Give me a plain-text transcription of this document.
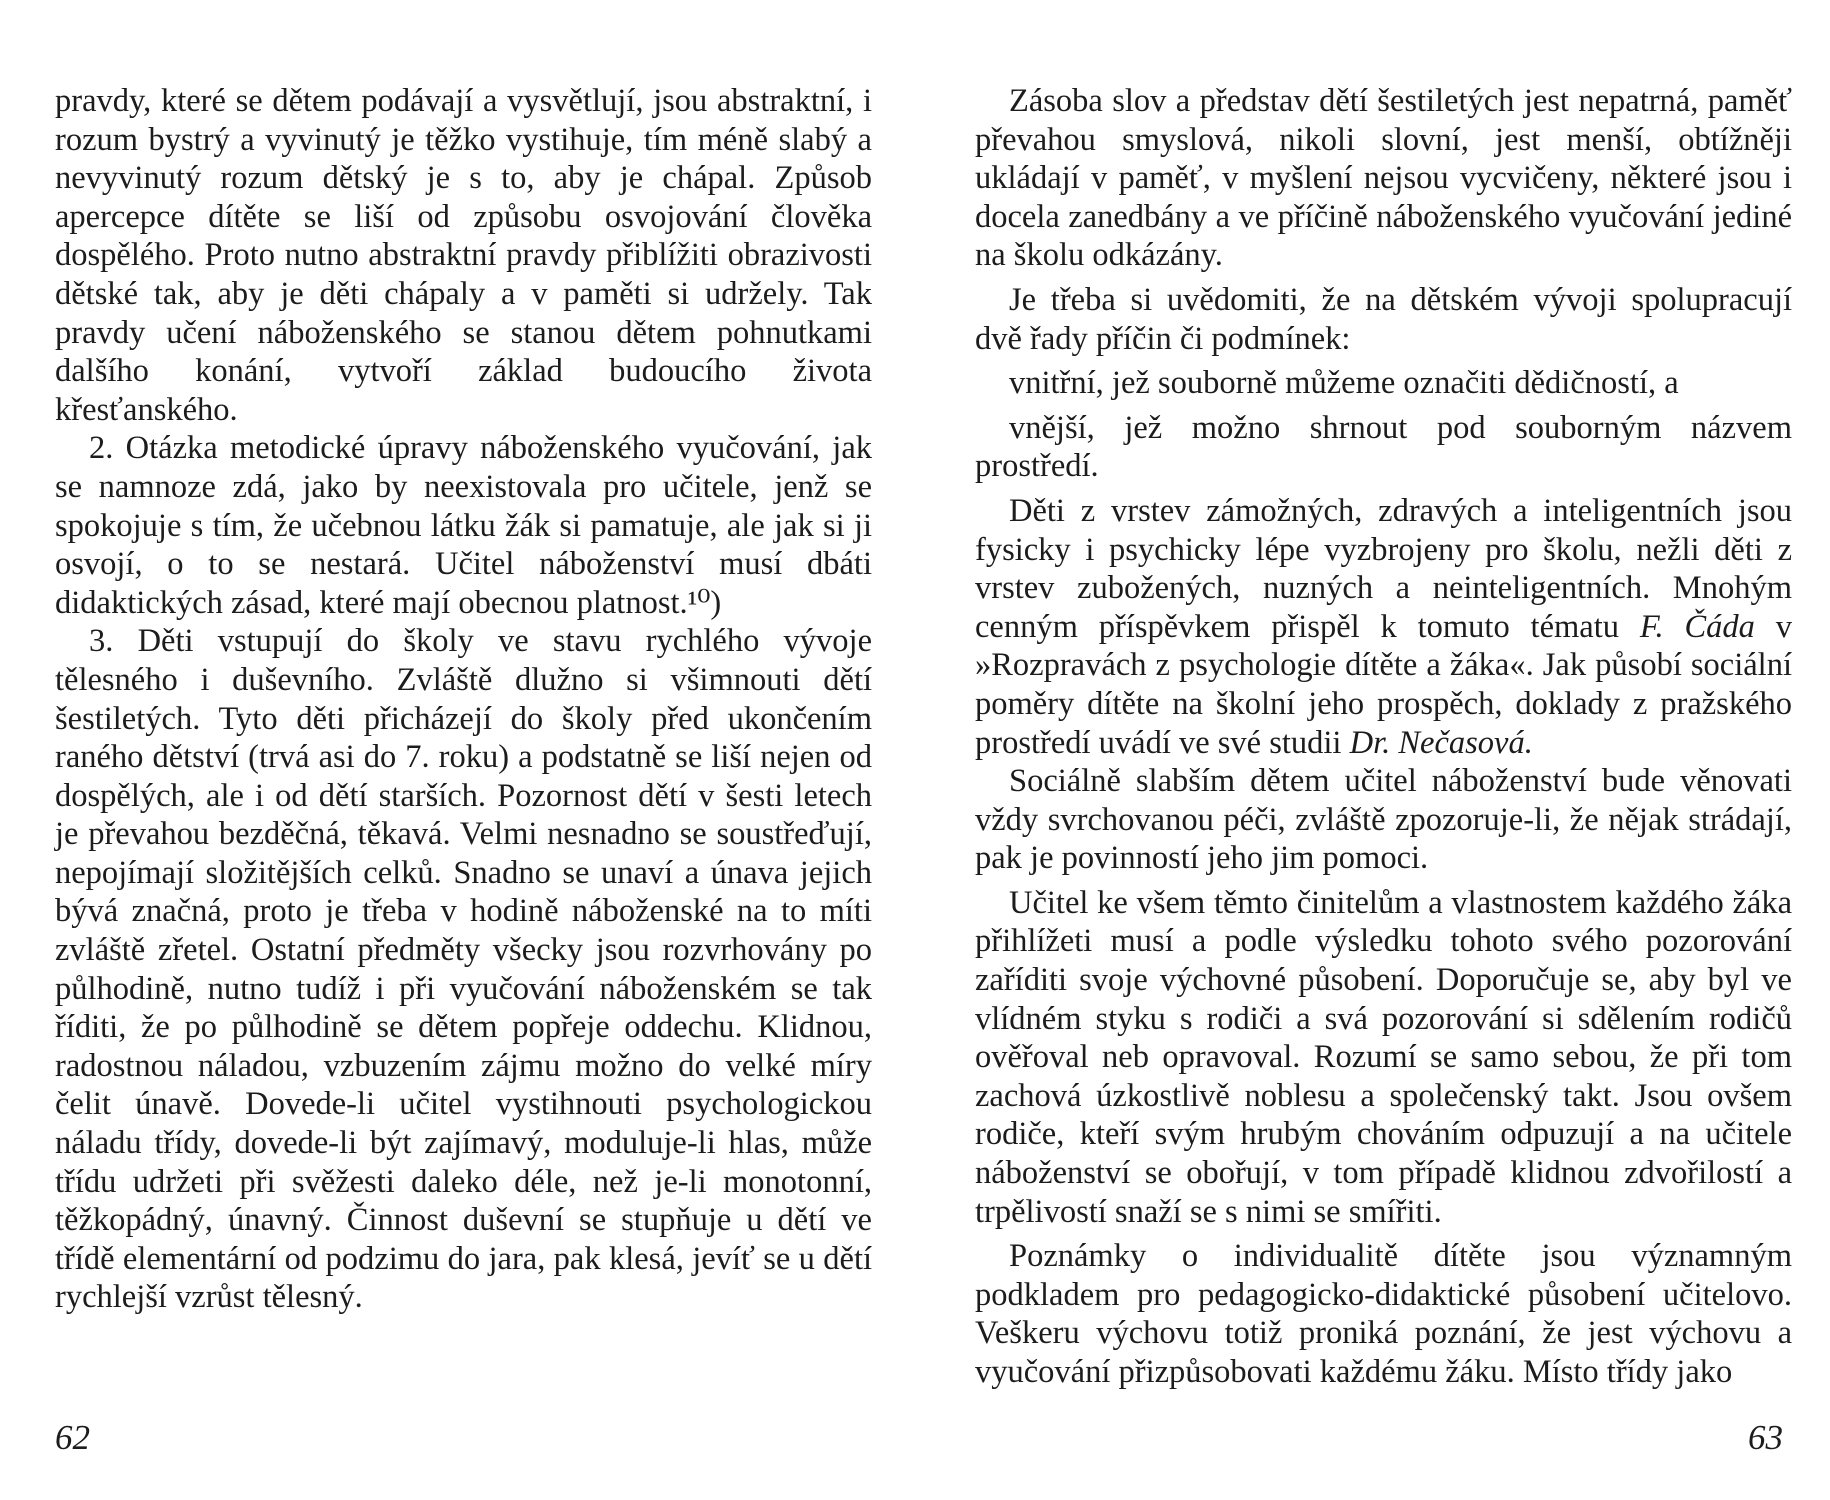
pravdy, které se dětem podávají a vysvětlují, jsou abstraktní, i rozum bystrý a vyvinutý je těžko vystihuje, tím méně slabý a nevyvinutý rozum dětský je s to, aby je chápal. Způsob apercepce dítěte se liší od způsobu osvojování člověka dospělého. Proto nutno abstraktní pravdy přiblížiti obrazivosti dětské tak, aby je děti chápaly a v paměti si udržely. Tak pravdy učení náboženského se stanou dětem pohnutkami dalšího konání, vytvoří základ budoucího života křesťanského.

2. Otázka metodické úpravy náboženského vyučování, jak se namnoze zdá, jako by neexistovala pro učitele, jenž se spokojuje s tím, že učebnou látku žák si pamatuje, ale jak si ji osvojí, o to se nestará. Učitel náboženství musí dbáti didaktických zásad, které mají obecnou platnost.¹⁰)

3. Děti vstupují do školy ve stavu rychlého vývoje tělesného i duševního. Zvláště dlužno si všimnouti dětí šestiletých. Tyto děti přicházejí do školy před ukončením raného dětství (trvá asi do 7. roku) a podstatně se liší nejen od dospělých, ale i od dětí starších. Pozornost dětí v šesti letech je převahou bezděčná, těkavá. Velmi nesnadno se soustřeďují, nepojímají složitějších celků. Snadno se unaví a únava jejich bývá značná, proto je třeba v hodině náboženské na to míti zvláště zřetel. Ostatní předměty všecky jsou rozvrhovány po půlhodině, nutno tudíž i při vyučování náboženském se tak říditi, že po půlhodině se dětem popřeje oddechu. Klidnou, radostnou náladou, vzbuzením zájmu možno do velké míry čelit únavě. Dovede-li učitel vystihnouti psychologickou náladu třídy, dovede-li být zajímavý, moduluje-li hlas, může třídu udržeti při svěžesti daleko déle, než je-li monotonní, těžkopádný, únavný. Činnost duševní se stupňuje u dětí ve třídě elementární od podzimu do jara, pak klesá, jevíť se u dětí rychlejší vzrůst tělesný.

62

Zásoba slov a představ dětí šestiletých jest nepatrná, paměť převahou smyslová, nikoli slovní, jest menší, obtížněji ukládají v paměť, v myšlení nejsou vycvičeny, některé jsou i docela zanedbány a ve příčině náboženského vyučování jediné na školu odkázány.

Je třeba si uvědomiti, že na dětském vývoji spolupracují dvě řady příčin či podmínek:

vnitřní, jež souborně můžeme označiti dědičností, a

vnější, jež možno shrnout pod souborným názvem prostředí.

Děti z vrstev zámožných, zdravých a inteligentních jsou fysicky i psychicky lépe vyzbrojeny pro školu, nežli děti z vrstev zubožených, nuzných a neinteligentních. Mnohým cenným příspěvkem přispěl k tomuto tématu F. Čáda v »Rozpravách z psychologie dítěte a žáka«. Jak působí sociální poměry dítěte na školní jeho prospěch, doklady z pražského prostředí uvádí ve své studii Dr. Nečasová.

Sociálně slabším dětem učitel náboženství bude věnovati vždy svrchovanou péči, zvláště zpozoruje-li, že nějak strádají, pak je povinností jeho jim pomoci.

Učitel ke všem těmto činitelům a vlastnostem každého žáka přihlížeti musí a podle výsledku tohoto svého pozorování zaříditi svoje výchovné působení. Doporučuje se, aby byl ve vlídném styku s rodiči a svá pozorování si sdělením rodičů ověřoval neb opravoval. Rozumí se samo sebou, že při tom zachová úzkostlivě noblesu a společenský takt. Jsou ovšem rodiče, kteří svým hrubým chováním odpuzují a na učitele náboženství se obořují, v tom případě klidnou zdvořilostí a trpělivostí snaží se s nimi se smířiti.

Poznámky o individualitě dítěte jsou významným podkladem pro pedagogicko-didaktické působení učitelovo. Veškeru výchovu totiž proniká poznání, že jest výchovu a vyučování přizpůsobovati každému žáku. Místo třídy jako

63
